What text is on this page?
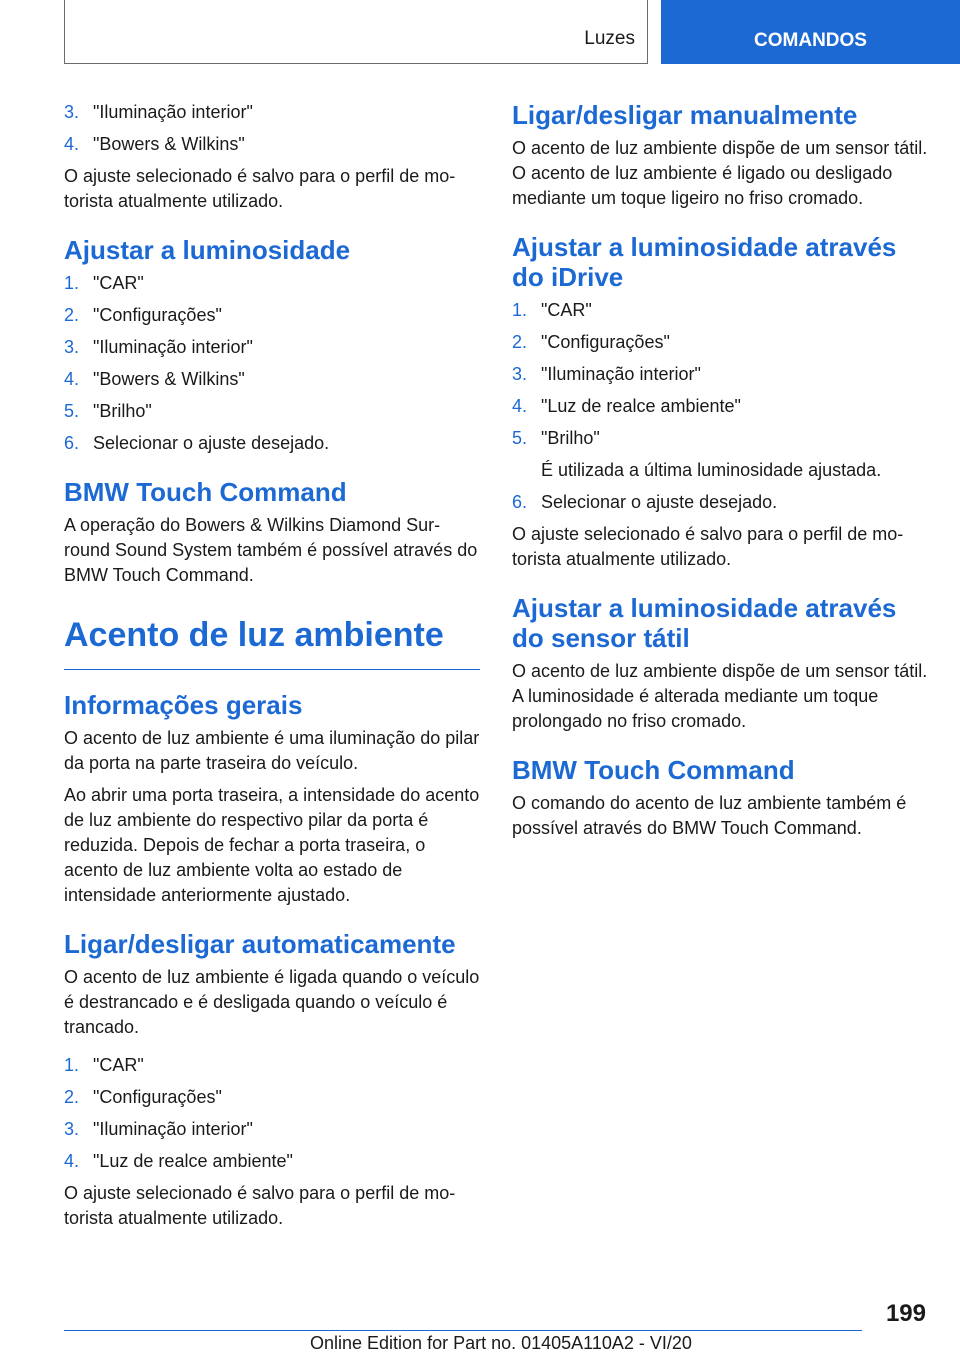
Luzes	COMANDOS
3. "Iluminação interior"
4. "Bowers & Wilkins"

O ajuste selecionado é salvo para o perfil de motorista atualmente utilizado.

Ajustar a luminosidade
1. "CAR"
2. "Configurações"
3. "Iluminação interior"
4. "Bowers & Wilkins"
5. "Brilho"
6. Selecionar o ajuste desejado.
BMW Touch Command

A operação do Bowers & Wilkins Diamond Surround Sound System também é possível através do BMW Touch Command.

Acento de luz ambiente
Informações gerais

O acento de luz ambiente é uma iluminação do pilar da porta na parte traseira do veículo.

Ao abrir uma porta traseira, a intensidade do acento de luz ambiente do respectivo pilar da porta é reduzida. Depois de fechar a porta traseira, o acento de luz ambiente volta ao estado de intensidade anteriormente ajustado.

Ligar/desligar automaticamente

O acento de luz ambiente é ligada quando o veículo é destrancado e é desligada quando o veículo é trancado.

1. "CAR"
2. "Configurações"
3. "Iluminação interior"
4. "Luz de realce ambiente"

O ajuste selecionado é salvo para o perfil de motorista atualmente utilizado.

Ligar/desligar manualmente

O acento de luz ambiente dispõe de um sensor tátil. O acento de luz ambiente é ligado ou desligado mediante um toque ligeiro no friso cromado.

Ajustar a luminosidade através do iDrive
1. "CAR"
2. "Configurações"
3. "Iluminação interior"
4. "Luz de realce ambiente"
5. "Brilho"
É utilizada a última luminosidade ajustada.
6. Selecionar o ajuste desejado.

O ajuste selecionado é salvo para o perfil de motorista atualmente utilizado.

Ajustar a luminosidade através do sensor tátil

O acento de luz ambiente dispõe de um sensor tátil. A luminosidade é alterada mediante um toque prolongado no friso cromado.

BMW Touch Command

O comando do acento de luz ambiente também é possível através do BMW Touch Command.

199
Online Edition for Part no. 01405A110A2 - VI/20
